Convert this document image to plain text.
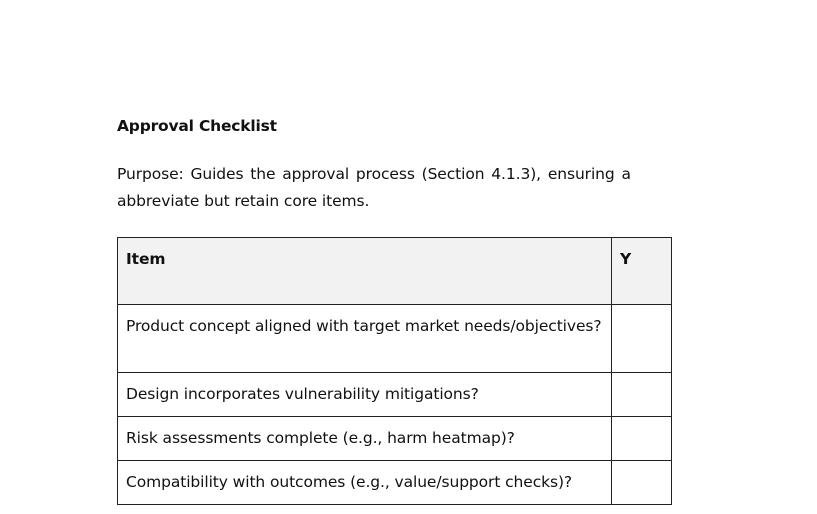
Approval Checklist
Purpose: Guides the approval process (Section 4.1.3), ensuring a
abbreviate but retain core items.
Item	Y
Product concept aligned with target market needs/objectives?	
Design incorporates vulnerability mitigations?	
Risk assessments complete (e.g., harm heatmap)?	
Compatibility with outcomes (e.g., value/support checks)?	
